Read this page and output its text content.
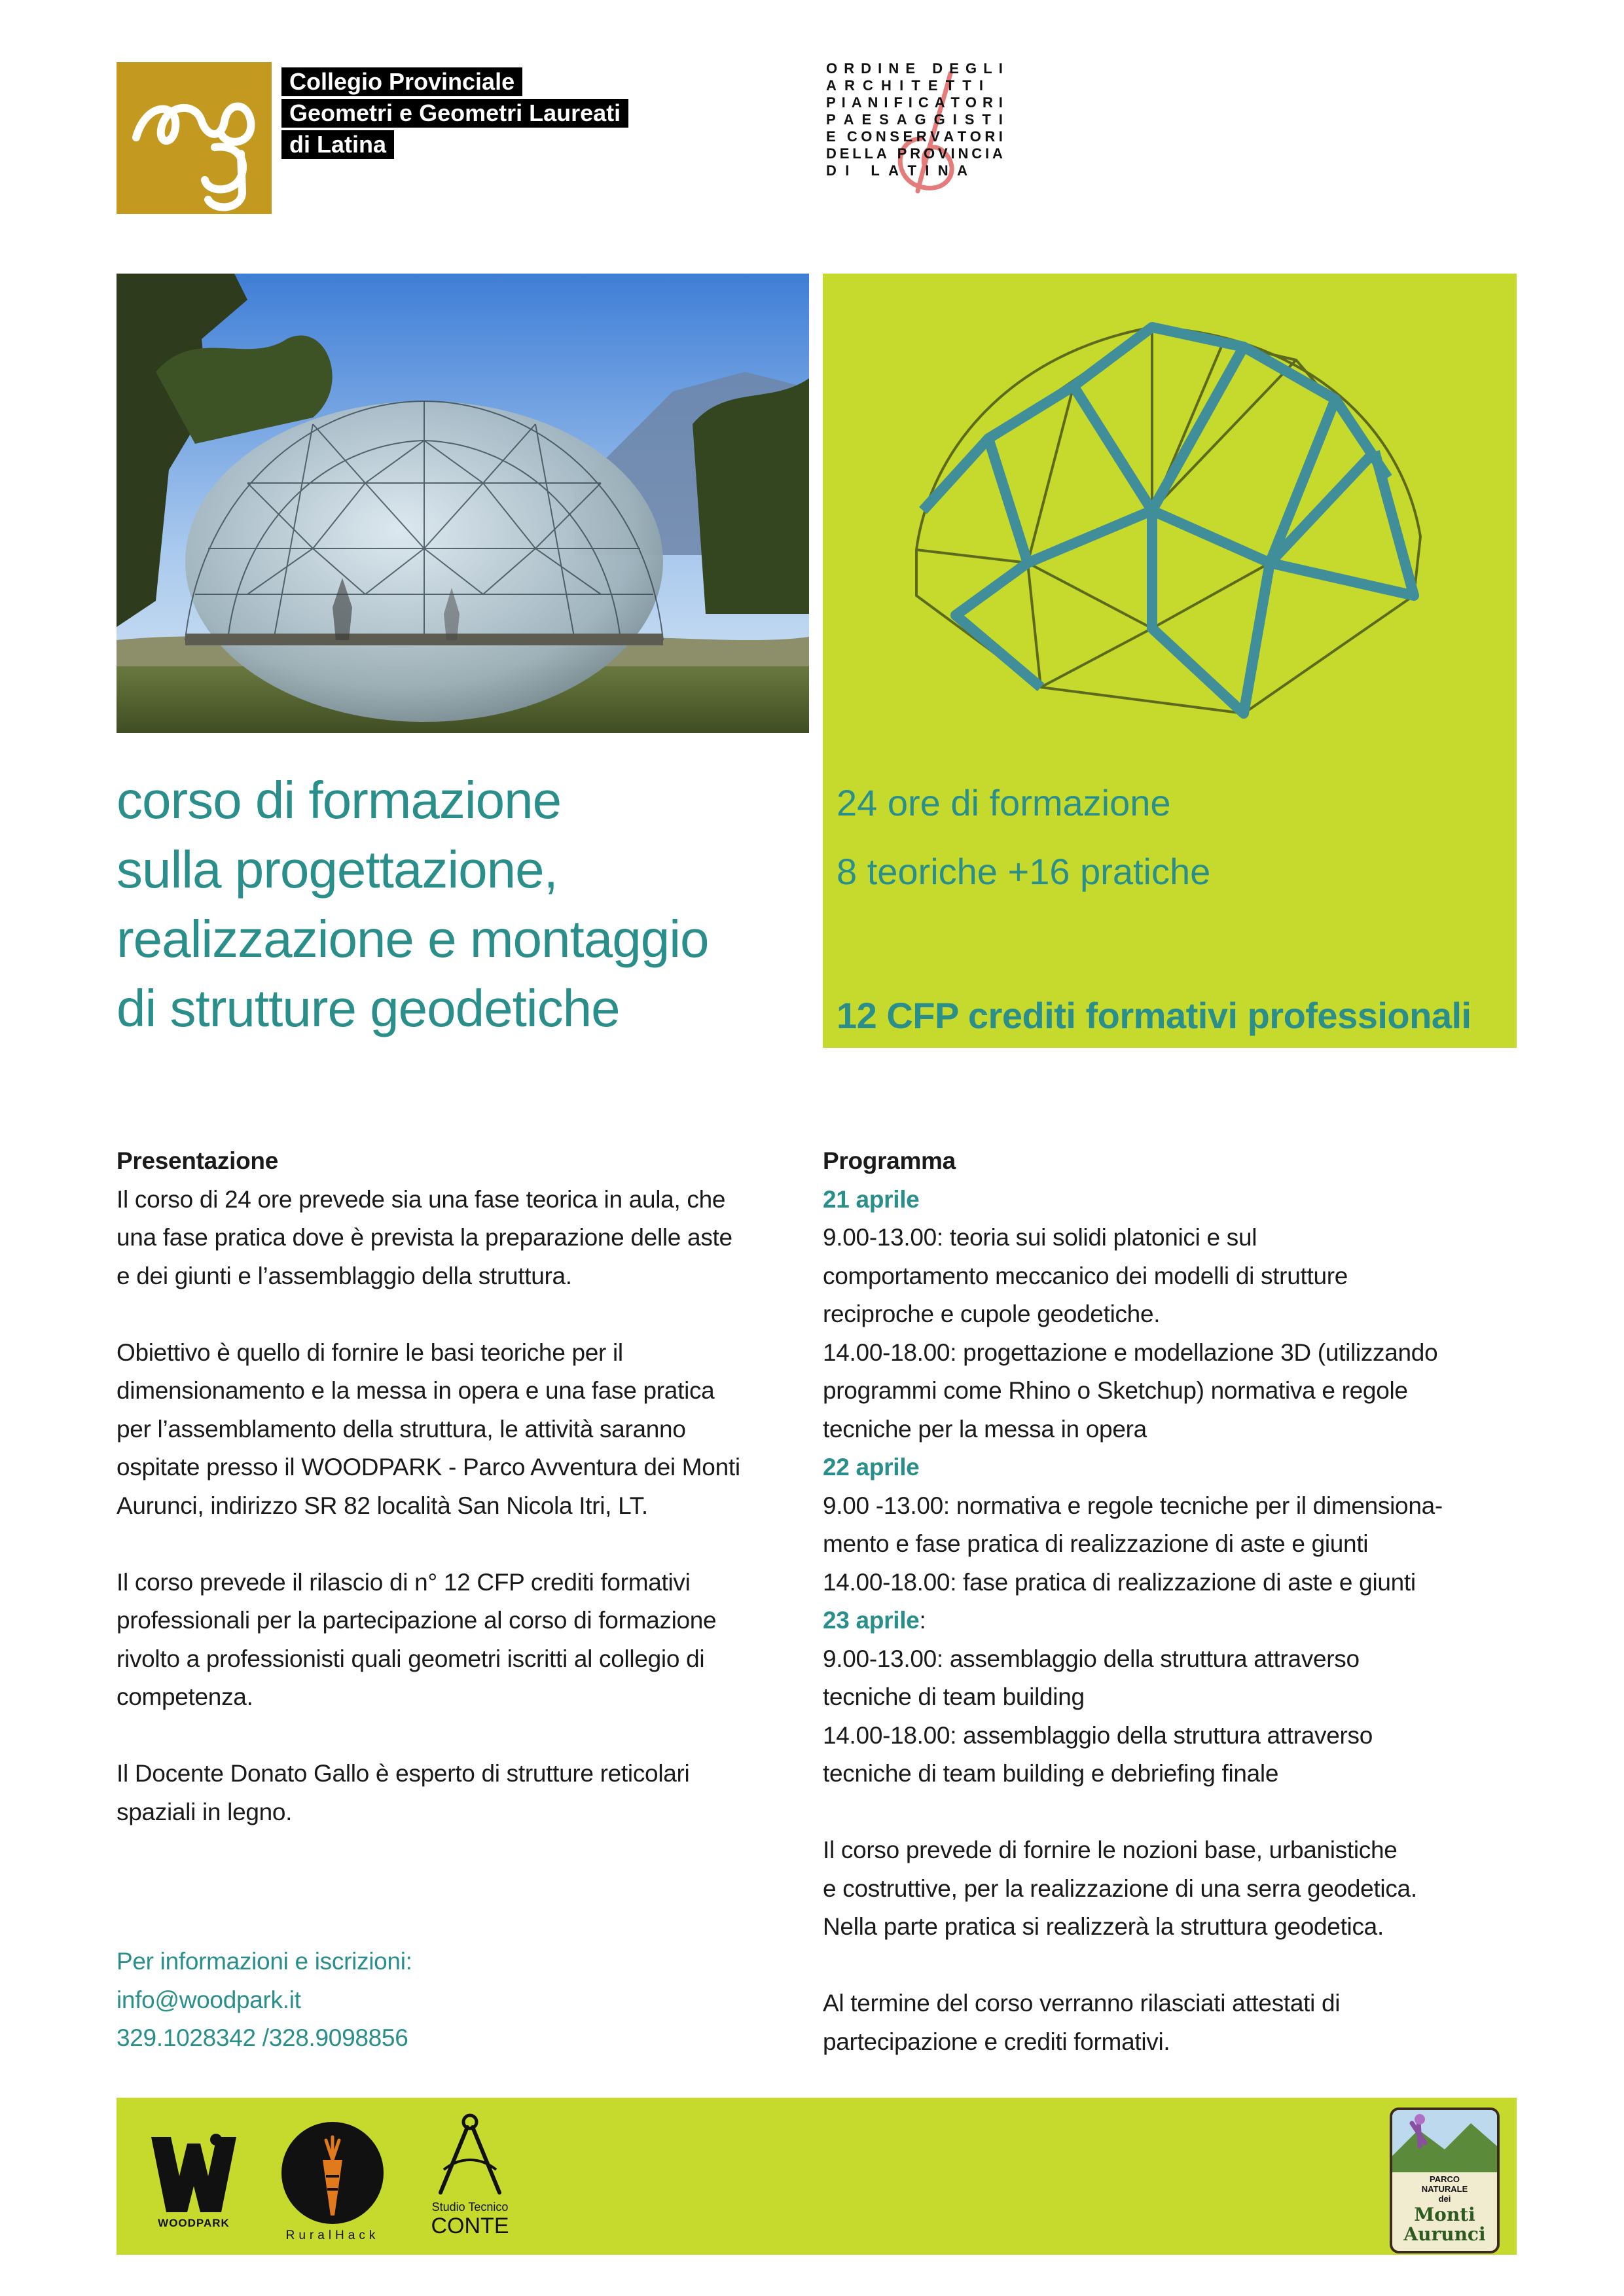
Collegio Provinciale
Geometri e Geometri Laureati
di Latina
O R D I N E
D E G L I
A R C H I T E T T I
P I A N I F I C A T O R I
P A E S A G G I S T I
E
C O N S E R V A T O R I
D E L L A
P R O V I N C I A
D I
L A T I N A
corso di formazione
sulla progettazione,
realizzazione e montaggio
di strutture geodetiche
24 ore di formazione
8 teoriche +16 pratiche
12 CFP crediti formativi professionali
Presentazione
Il corso di 24 ore prevede sia una fase teorica in aula, che
una fase pratica dove è prevista la preparazione delle aste
e dei giunti e l’assemblaggio della struttura.
Obiettivo è quello di fornire le basi teoriche per il
dimensionamento e la messa in opera e una fase pratica
per l’assemblamento della struttura, le attività saranno
ospitate presso il WOODPARK - Parco Avventura dei Monti
Aurunci, indirizzo SR 82 località San Nicola Itri, LT.
Il corso prevede il rilascio di n° 12 CFP crediti formativi
professionali per la partecipazione al corso di formazione
rivolto a professionisti quali geometri iscritti al collegio di
competenza.
Il Docente Donato Gallo è esperto di strutture reticolari
spaziali in legno.
Per informazioni e iscrizioni:
info@woodpark.it
329.1028342 /328.9098856
Programma
21 aprile
9.00-13.00: teoria sui solidi platonici e sul
comportamento meccanico dei modelli di strutture
reciproche e cupole geodetiche.
14.00-18.00: progettazione e modellazione 3D (utilizzando
programmi come Rhino o Sketchup) normativa e regole
tecniche per la messa in opera
22 aprile
9.00 -13.00: normativa e regole tecniche per il dimensiona-
mento e fase pratica di realizzazione di aste e giunti
14.00-18.00: fase pratica di realizzazione di aste e giunti
23 aprile:
9.00-13.00: assemblaggio della struttura attraverso
tecniche di team building
14.00-18.00: assemblaggio della struttura attraverso
tecniche di team building e debriefing finale
Il corso prevede di fornire le nozioni base, urbanistiche
e costruttive, per la realizzazione di una serra geodetica.
Nella parte pratica si realizzerà la struttura geodetica.
Al termine del corso verranno rilasciati attestati di
partecipazione e crediti formativi.
WOODPARK
RuralHack
Studio Tecnico
CONTE
PARCO
NATURALE
dei
Monti
Aurunci
